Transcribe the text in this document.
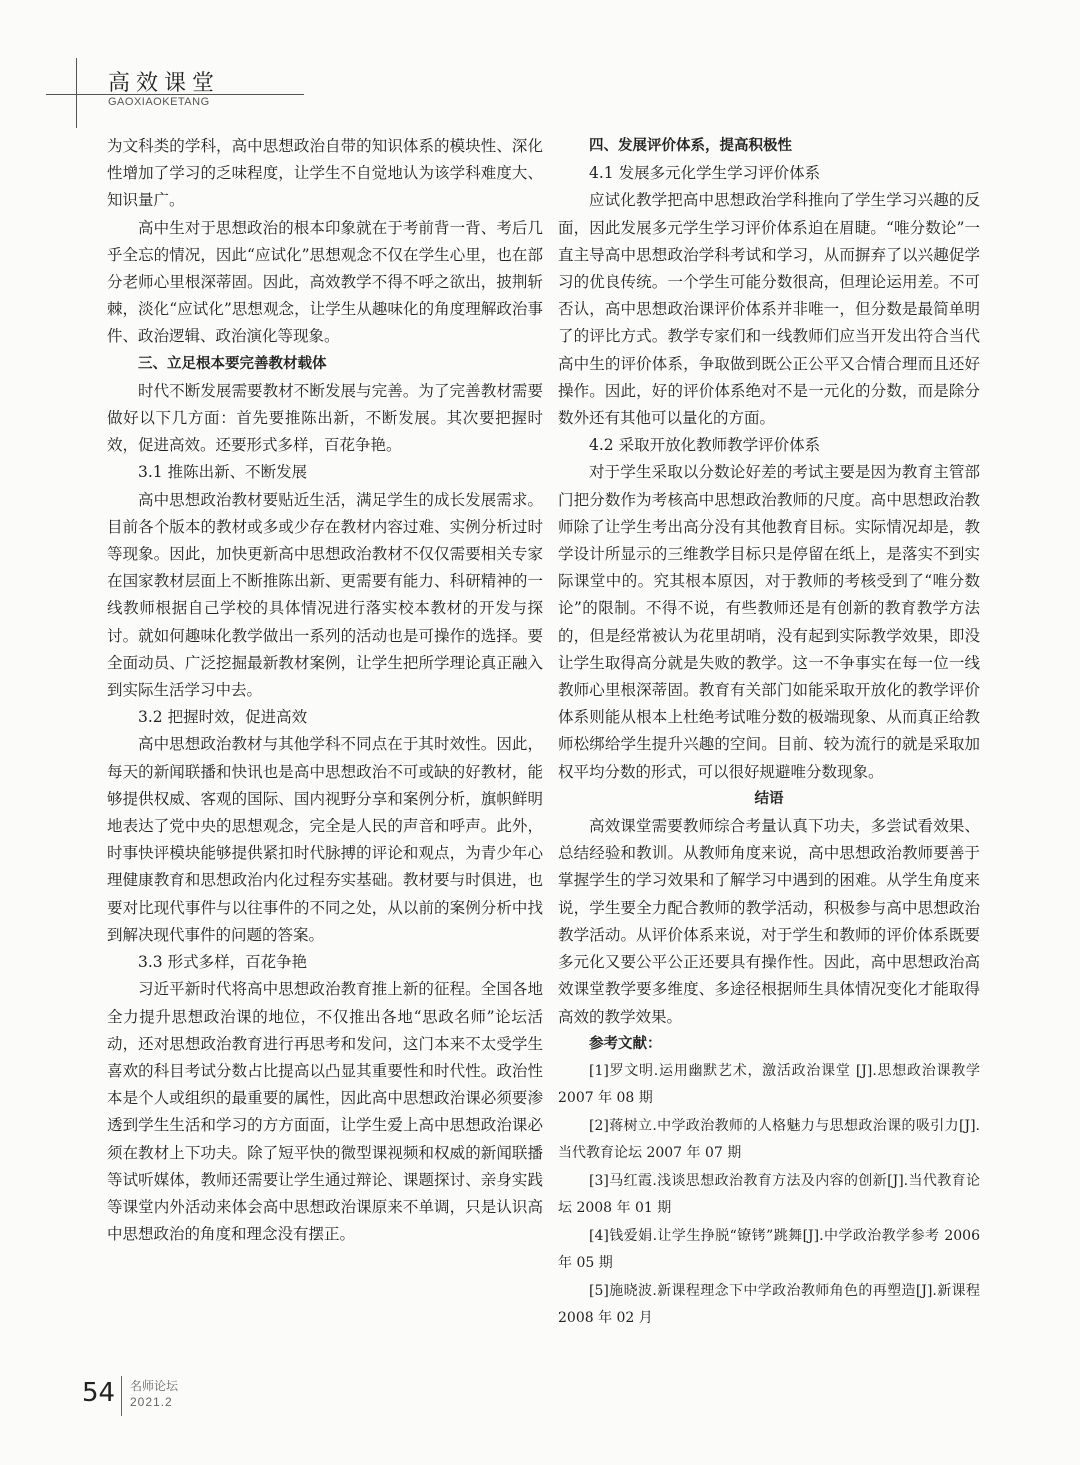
高效课堂
GAOXIAOKETANG

为文科类的学科，高中思想政治自带的知识体系的模块性、深化性增加了学习的乏味程度，让学生不自觉地认为该学科难度大、知识量广。

高中生对于思想政治的根本印象就在于考前背一背、考后几乎全忘的情况，因此“应试化”思想观念不仅在学生心里，也在部分老师心里根深蒂固。因此，高效教学不得不呼之欲出，披荆斩棘，淡化“应试化”思想观念，让学生从趣味化的角度理解政治事件、政治逻辑、政治演化等现象。

三、立足根本要完善教材载体

时代不断发展需要教材不断发展与完善。为了完善教材需要做好以下几方面：首先要推陈出新，不断发展。其次要把握时效，促进高效。还要形式多样，百花争艳。

3.1 推陈出新、不断发展

高中思想政治教材要贴近生活，满足学生的成长发展需求。目前各个版本的教材或多或少存在教材内容过难、实例分析过时等现象。因此，加快更新高中思想政治教材不仅仅需要相关专家在国家教材层面上不断推陈出新、更需要有能力、科研精神的一线教师根据自己学校的具体情况进行落实校本教材的开发与探讨。就如何趣味化教学做出一系列的活动也是可操作的选择。要全面动员、广泛挖掘最新教材案例，让学生把所学理论真正融入到实际生活学习中去。

3.2 把握时效，促进高效

高中思想政治教材与其他学科不同点在于其时效性。因此，每天的新闻联播和快讯也是高中思想政治不可或缺的好教材，能够提供权威、客观的国际、国内视野分享和案例分析，旗帜鲜明地表达了党中央的思想观念，完全是人民的声音和呼声。此外，时事快评模块能够提供紧扣时代脉搏的评论和观点，为青少年心理健康教育和思想政治内化过程夯实基础。教材要与时俱进，也要对比现代事件与以往事件的不同之处，从以前的案例分析中找到解决现代事件的问题的答案。

3.3 形式多样，百花争艳

习近平新时代将高中思想政治教育推上新的征程。全国各地全力提升思想政治课的地位，不仅推出各地“思政名师”论坛活动，还对思想政治教育进行再思考和发问，这门本来不太受学生喜欢的科目考试分数占比提高以凸显其重要性和时代性。政治性本是个人或组织的最重要的属性，因此高中思想政治课必须要渗透到学生生活和学习的方方面面，让学生爱上高中思想政治课必须在教材上下功夫。除了短平快的微型课视频和权威的新闻联播等试听媒体，教师还需要让学生通过辩论、课题探讨、亲身实践等课堂内外活动来体会高中思想政治课原来不单调，只是认识高中思想政治的角度和理念没有摆正。

四、发展评价体系，提高积极性

4.1 发展多元化学生学习评价体系

应试化教学把高中思想政治学科推向了学生学习兴趣的反面，因此发展多元学生学习评价体系迫在眉睫。“唯分数论”一直主导高中思想政治学科考试和学习，从而摒弃了以兴趣促学习的优良传统。一个学生可能分数很高，但理论运用差。不可否认，高中思想政治课评价体系并非唯一，但分数是最简单明了的评比方式。教学专家们和一线教师们应当开发出符合当代高中生的评价体系，争取做到既公正公平又合情合理而且还好操作。因此，好的评价体系绝对不是一元化的分数，而是除分数外还有其他可以量化的方面。

4.2 采取开放化教师教学评价体系

对于学生采取以分数论好差的考试主要是因为教育主管部门把分数作为考核高中思想政治教师的尺度。高中思想政治教师除了让学生考出高分没有其他教育目标。实际情况却是，教学设计所显示的三维教学目标只是停留在纸上，是落实不到实际课堂中的。究其根本原因，对于教师的考核受到了“唯分数论”的限制。不得不说，有些教师还是有创新的教育教学方法的，但是经常被认为花里胡哨，没有起到实际教学效果，即没让学生取得高分就是失败的教学。这一不争事实在每一位一线教师心里根深蒂固。教育有关部门如能采取开放化的教学评价体系则能从根本上杜绝考试唯分数的极端现象、从而真正给教师松绑给学生提升兴趣的空间。目前、较为流行的就是采取加权平均分数的形式，可以很好规避唯分数现象。

结语

高效课堂需要教师综合考量认真下功夫，多尝试看效果、总结经验和教训。从教师角度来说，高中思想政治教师要善于掌握学生的学习效果和了解学习中遇到的困难。从学生角度来说，学生要全力配合教师的教学活动，积极参与高中思想政治教学活动。从评价体系来说，对于学生和教师的评价体系既要多元化又要公平公正还要具有操作性。因此，高中思想政治高效课堂教学要多维度、多途径根据师生具体情况变化才能取得高效的教学效果。

参考文献：

[1]罗文明.运用幽默艺术，激活政治课堂 [J].思想政治课教学 2007 年 08 期

[2]蒋树立.中学政治教师的人格魅力与思想政治课的吸引力[J].当代教育论坛 2007 年 07 期

[3]马红霞.浅谈思想政治教育方法及内容的创新[J].当代教育论坛 2008 年 01 期

[4]钱爱娟.让学生挣脱“镣铐”跳舞[J].中学政治教学参考 2006 年 05 期

[5]施晓波.新课程理念下中学政治教师角色的再塑造[J].新课程 2008 年 02 月

54 名师论坛
2021.2
